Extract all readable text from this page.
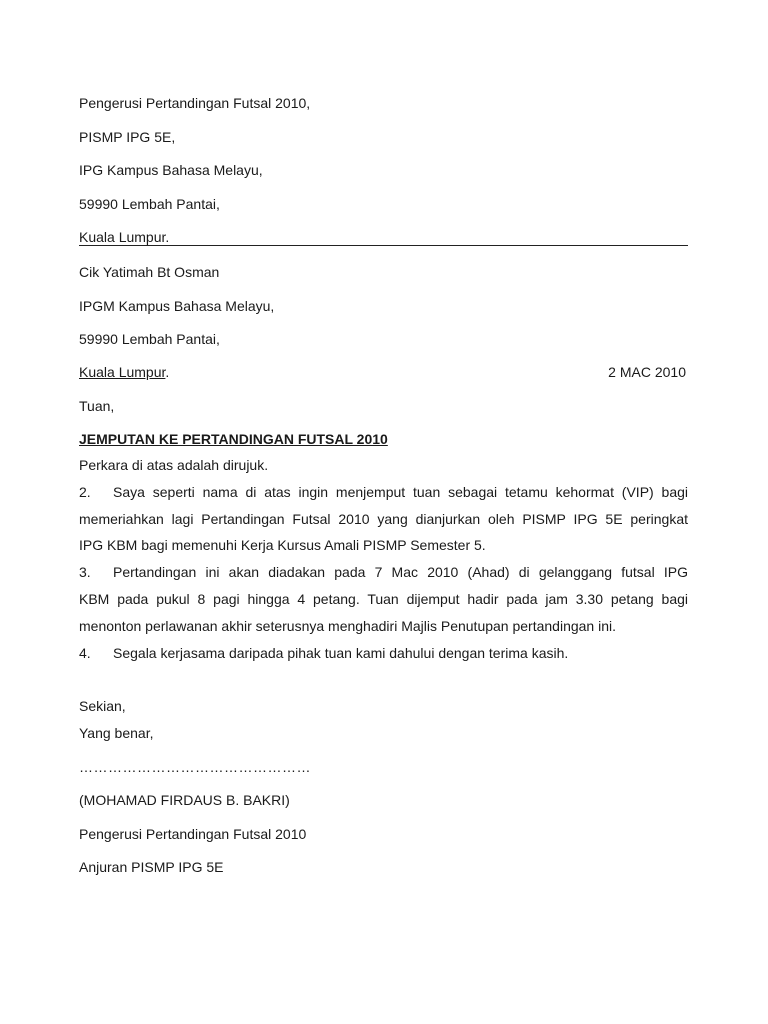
Pengerusi Pertandingan Futsal 2010,
PISMP IPG 5E,
IPG Kampus Bahasa Melayu,
59990 Lembah Pantai,
Kuala Lumpur.
Cik Yatimah Bt Osman
IPGM Kampus Bahasa Melayu,
59990 Lembah Pantai,
Kuala Lumpur.	2 MAC 2010
Tuan,
JEMPUTAN KE PERTANDINGAN FUTSAL 2010
Perkara di atas adalah dirujuk.
2. Saya seperti nama di atas ingin menjemput tuan sebagai tetamu kehormat (VIP) bagi
memeriahkan lagi Pertandingan Futsal 2010 yang dianjurkan oleh PISMP IPG 5E peringkat
IPG KBM bagi memenuhi Kerja Kursus Amali PISMP Semester 5.
3. Pertandingan ini akan diadakan pada 7 Mac 2010 (Ahad) di gelanggang futsal IPG
KBM pada pukul 8 pagi hingga 4 petang. Tuan dijemput hadir pada jam 3.30 petang bagi
menonton perlawanan akhir seterusnya menghadiri Majlis Penutupan pertandingan ini.
4. Segala kerjasama daripada pihak tuan kami dahului dengan terima kasih.
Sekian,
Yang benar,
…………………………………………
(MOHAMAD FIRDAUS B. BAKRI)
Pengerusi Pertandingan Futsal 2010
Anjuran PISMP IPG 5E
